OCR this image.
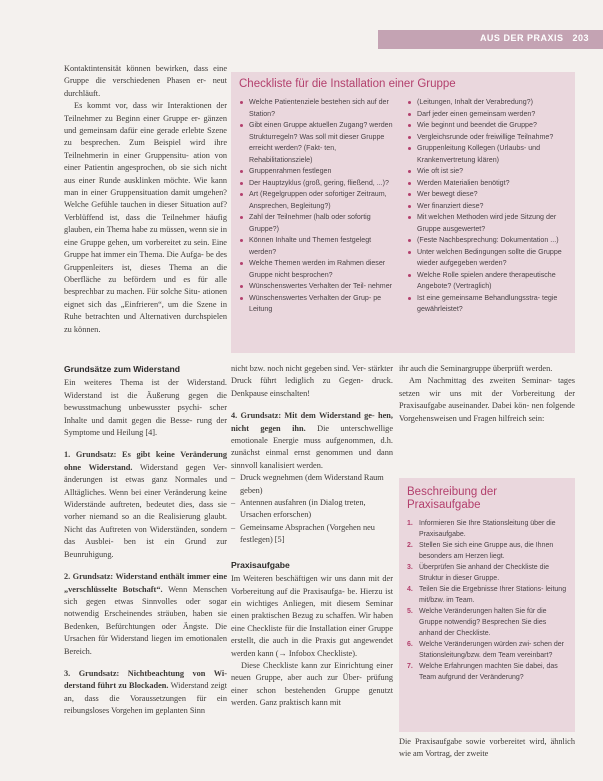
AUS DER PRAXIS 203

Kontaktintensität können bewirken, dass eine Gruppe die verschiedenen Phasen er- neut durchläuft.

Es kommt vor, dass wir Interaktionen der Teilnehmer zu Beginn einer Gruppe er- gänzen und gemeinsam dafür eine gerade erlebte Szene zu besprechen. Zum Beispiel wird ihre Teilnehmerin in einer Gruppensitu- ation von einer Patientin angesprochen, ob sie sich nicht aus einer Runde ausklinken möchte. Wie kann man in einer Gruppensituation damit umgehen? Welche Gefühle tauchen in dieser Situation auf? Verblüffend ist, dass die Teilnehmer häufig glauben, ein Thema habe zu müssen, wenn sie in eine Gruppe gehen, um vorbereitet zu sein. Eine Gruppe hat immer ein Thema. Die Aufga- be des Gruppenleiters ist, dieses Thema an die Oberfläche zu befördern und es für alle besprechbar zu machen. Für solche Situ- ationen eignet sich das „Einfrieren“, um die Szene in Ruhe betrachten und Alternativen durchspielen zu können.

Checkliste für die Installation einer Gruppe
Welche Patientenziele bestehen sich auf der Station?
Gibt einen Gruppe aktuellen Zugang? werden Strukturregeln? Was soll mit dieser Gruppe erreicht werden? (Fakt- ten, Rehabilitationsziele)
Gruppenrahmen festlegen
Der Hauptzyklus (groß, gering, fließend, ...)?
Art (Regelgruppen oder sofortiger Zeitraum, Ansprechen, Begleitung?)
Zahl der Teilnehmer (halb oder sofortig Gruppe?)
Können Inhalte und Themen festgelegt werden?
Welche Themen werden im Rahmen dieser Gruppe nicht besprochen?
Wünschenswertes Verhalten der Teil- nehmer
Wünschenswertes Verhalten der Grup- pe Leitung
(Leitungen, Inhalt der Verabredung?)
Darf jeder einen gemeinsam werden?
Wie beginnt und beendet die Gruppe?
Vergleichsrunde oder freiwillige Teilnahme?
Gruppenleitung Kollegen (Urlaubs- und Krankenvertretung klären)
Wie oft ist sie?
Werden Materialien benötigt?
Wer bewegt diese?
Wer finanziert diese?
Mit welchen Methoden wird jede Sitzung der Gruppe ausgewertet?
(Feste Nachbesprechung: Dokumentation ...)
Unter welchen Bedingungen sollte die Gruppe wieder aufgegeben werden?
Welche Rolle spielen andere therapeutische Angebote? (Vertraglich)
Ist eine gemeinsame Behandlungsstra- tegie gewährleistet?
Grundsätze zum Widerstand

Ein weiteres Thema ist der Widerstand. Widerstand ist die Äußerung gegen die bewusstmachung unbewusster psychi- scher Inhalte und damit gegen die Besse- rung der Symptome und Heilung [4].

1. Grundsatz: Es gibt keine Veränderung ohne Widerstand. Widerstand gegen Ver- änderungen ist etwas ganz Normales und Alltägliches. Wenn bei einer Veränderung keine Widerstände auftreten, bedeutet dies, dass sie vorher niemand so an die Realisierung glaubt. Nicht das Auftreten von Widerständen, sondern das Ausblei- ben ist ein Grund zur Beunruhigung.

2. Grundsatz: Widerstand enthält immer eine „verschlüsselte Botschaft“. Wenn Menschen sich gegen etwas Sinnvolles oder sogar notwendig Erscheinendes sträuben, haben sie Bedenken, Befürchtungen oder Ängste. Die Ursachen für Widerstand liegen im emotionalen Bereich.

3. Grundsatz: Nichtbeachtung von Wi- derstand führt zu Blockaden. Widerstand zeigt an, dass die Voraussetzungen für ein reibungsloses Vorgehen im geplanten Sinn

nicht bzw. noch nicht gegeben sind. Ver- stärkter Druck führt lediglich zu Gegen- druck. Denkpause einschalten!

4. Grundsatz: Mit dem Widerstand ge- hen, nicht gegen ihn. Die unterschwellige emotionale Energie muss aufgenommen, d.h. zunächst einmal ernst genommen und dann sinnvoll kanalisiert werden.

– Druck wegnehmen (dem Widerstand Raum geben)
– Antennen ausfahren (in Dialog treten, Ursachen erforschen)
– Gemeinsame Absprachen (Vorgehen neu festlegen) [5]
Praxisaufgabe

Im Weiteren beschäftigen wir uns dann mit der Vorbereitung auf die Praxisaufga- be. Hierzu ist ein wichtiges Anliegen, mit diesem Seminar einen praktischen Bezug zu schaffen. Wir haben eine Checkliste für die Installation einer Gruppe erstellt, die auch in die Praxis gut angewendet werden kann (→ Infobox Checkliste).

Diese Checkliste kann zur Einrichtung einer neuen Gruppe, aber auch zur Über- prüfung einer schon bestehenden Gruppe genutzt werden. Ganz praktisch kann mit

ihr auch die Seminargruppe überprüft werden.

Am Nachmittag des zweiten Seminar- tages setzen wir uns mit der Vorbereitung der Praxisaufgabe auseinander. Dabei kön- nen folgende Vorgehensweisen und Fragen hilfreich sein:

Beschreibung der Praxisaufgabe
1. Informieren Sie Ihre Stationsleitung über die Praxisaufgabe.
2. Stellen Sie sich eine Gruppe aus, die Ihnen besonders am Herzen liegt.
3. Überprüfen Sie anhand der Checkliste die Struktur in dieser Gruppe.
4. Teilen Sie die Ergebnisse Ihrer Stations- leitung mit/bzw. im Team.
5. Welche Veränderungen halten Sie für die Gruppe notwendig? Besprechen Sie dies anhand der Checkliste.
6. Welche Veränderungen würden zwi- schen der Stationsleitung/bzw. dem Team vereinbart?
7. Welche Erfahrungen machten Sie dabei, das Team aufgrund der Veränderung?

Die Praxisaufgabe sowie vorbereitet wird, ähnlich wie am Vortrag, der zweite
